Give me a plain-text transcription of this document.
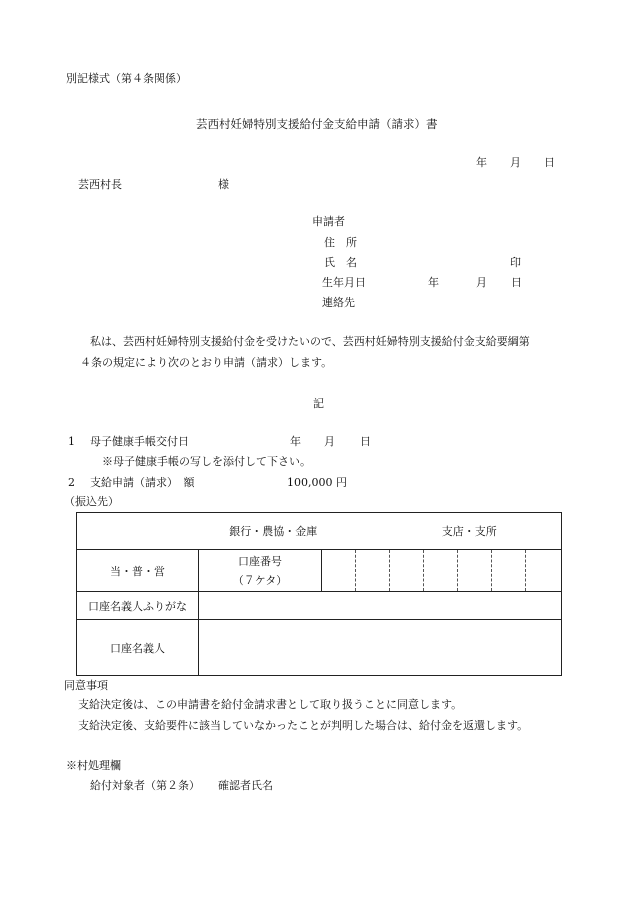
別記様式（第４条関係）
芸西村妊婦特別支援給付金支給申請（請求）書
年 月 日
芸西村長	様
申請者
住　所
氏　名	印
生年月日	年	月 日
連絡先
私は、芸西村妊婦特別支援給付金を受けたいので、芸西村妊婦特別支援給付金支給要綱第
４条の規定により次のとおり申請（請求）します。
記
1 母子健康手帳交付日	年 月 日
※母子健康手帳の写しを添付して下さい。
2 支給申請（請求）　額	100,000 円
（振込先）
銀行・農協・金庫				支店・支所				
当・普・営	口座番号
（７ケタ）							

口座名義人ふりがな								
口座名義人								
同意事項
支給決定後は、この申請書を給付金請求書として取り扱うことに同意します。
支給決定後、支給要件に該当していなかったことが判明した場合は、給付金を返還します。
※村処理欄
給付対象者（第２条） 確認者氏名
